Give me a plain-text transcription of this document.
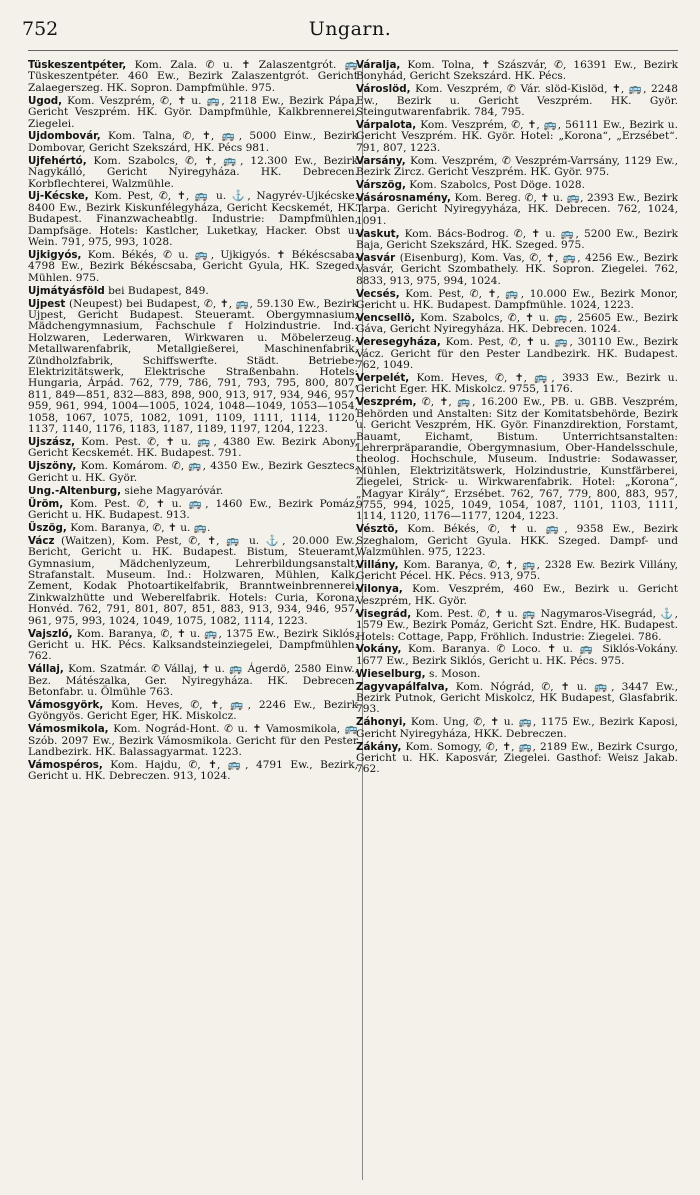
752	Ungarn.

Tüskeszentpéter, Kom. Zala. ✆ u. ✝ Zalaszentgrót. 🚌 Tüskeszentpéter. 460 Ew., Bezirk Zalaszentgrót. Gericht Zalaegerszeg. HK. Sopron. Dampfmühle. 975.

Ugod, Kom. Veszprém, ✆, ✝ u. 🚌, 2118 Ew., Bezirk Pápa, Gericht Veszprém. HK. Györ. Dampfmühle, Kalkbrennerei, Ziegelei.

Ujdombovár, Kom. Talna, ✆, ✝, 🚌, 5000 Einw., Bezirk Dombovar, Gericht Szekszárd, HK. Pécs 981.

Ujfehértó, Kom. Szabolcs, ✆, ✝, 🚌, 12.300 Ew., Bezirk Nagykálló, Gericht Nyiregyháza. HK. Debrecen. Korbflechterei, Walzmühle.

Uj-Kécske, Kom. Pest, ✆, ✝, 🚌 u. ⚓, Nagyrév-Ujkécske. 8400 Ew., Bezirk Kiskunfélegyháza, Gericht Kecskemét, HK. Budapest. Finanzwacheabtlg. Industrie: Dampfmühlen, Dampfsäge. Hotels: Kastlcher, Luketkay, Hacker. Obst u. Wein. 791, 975, 993, 1028.

Ujkigyós, Kom. Békés, ✆ u. 🚌, Ujkigyós. ✝ Békéscsaba. 4798 Ew., Bezirk Békéscsaba, Gericht Gyula, HK. Szeged. Mühlen. 975.

Ujmátyásföld bei Budapest, 849.

Ujpest (Neupest) bei Budapest, ✆, ✝, 🚌, 59.130 Ew., Bezirk Ujpest, Gericht Budapest. Steueramt. Obergymnasium, Mädchengymnasium, Fachschule f Holzindustrie. Ind.: Holzwaren, Lederwaren, Wirkwaren u. Möbelerzeug., Metallwarenfabrik, Metallgießerei, Maschinenfabrik, Zündholzfabrik, Schiffswerfte. Städt. Betriebe: Elektrizitätswerk, Elektrische Straßenbahn. Hotels: Hungaria, Árpád. 762, 779, 786, 791, 793, 795, 800, 807, 811, 849—851, 832—883, 898, 900, 913, 917, 934, 946, 957, 959, 961, 994, 1004—1005, 1024, 1048—1049, 1053—1054, 1058, 1067, 1075, 1082, 1091, 1109, 1111, 1114, 1120, 1137, 1140, 1176, 1183, 1187, 1189, 1197, 1204, 1223.

Ujszász, Kom. Pest. ✆, ✝ u. 🚌, 4380 Ew. Bezirk Abony, Gericht Kecskemét. HK. Budapest. 791.

Ujszöny, Kom. Komárom. ✆, 🚌, 4350 Ew., Bezirk Gesztecs, Gericht u. HK. Györ.

Ung.-Altenburg, siehe Magyaróvár.

Üröm, Kom. Pest. ✆, ✝ u. 🚌, 1460 Ew., Bezirk Pomáz, Gericht u. HK. Budapest. 913.

Üszög, Kom. Baranya, ✆, ✝ u. 🚌.

Vácz (Waitzen), Kom. Pest, ✆, ✝, 🚌 u. ⚓, 20.000 Ew., Bericht, Gericht u. HK. Budapest. Bistum, Steueramt, Gymnasium, Mädchenlyzeum, Lehrerbildungsanstalt, Strafanstalt. Museum. Ind.: Holzwaren, Mühlen, Kalk, Zement, Kodak Photoartikelfabrik, Branntweinbrennerei, Zinkwalzhütte und Weberelfabrik. Hotels: Curia, Korona, Honvéd. 762, 791, 801, 807, 851, 883, 913, 934, 946, 957, 961, 975, 993, 1024, 1049, 1075, 1082, 1114, 1223.

Vajszló, Kom. Baranya, ✆, ✝ u. 🚌, 1375 Ew., Bezirk Siklós, Gericht u. HK. Pécs. Kalksandsteinziegelei, Dampfmühlen. 762.

Vállaj, Kom. Szatmár. ✆ Vállaj, ✝ u. 🚌 Ágerdö, 2580 Einw., Bez. Mátészalka, Ger. Nyiregyháza. HK. Debrecen. Betonfabr. u. Ölmühle 763.

Vámosgyörk, Kom. Heves, ✆, ✝, 🚌, 2246 Ew., Bezirk Gyöngyös. Gericht Eger, HK. Miskolcz.

Vámosmikola, Kom. Nográd-Hont. ✆ u. ✝ Vamosmikola, 🚌 Szób. 2097 Ew., Bezirk Vámosmikola. Gericht für den Pester Landbezirk. HK. Balassagyarmat. 1223.

Vámospéros, Kom. Hajdu, ✆, ✝, 🚌, 4791 Ew., Bezirk, Gericht u. HK. Debreczen. 913, 1024.

Váralja, Kom. Tolna, ✝ Szászvár, ✆, 16391 Ew., Bezirk Bonyhád, Gericht Szekszárd. HK. Pécs.

Városlöd, Kom. Veszprém, ✆ Vár. slöd-Kislöd, ✝, 🚌, 2248 Ew., Bezirk u. Gericht Veszprém. HK. Györ. Steingutwarenfabrik. 784, 795.

Várpalota, Kom. Veszprém, ✆, ✝, 🚌, 56111 Ew., Bezirk u. Gericht Veszprém. HK. Györ. Hotel: „Korona“, „Erzsébet“. 791, 807, 1223.

Varsány, Kom. Veszprém, ✆ Veszprém-Varrsány, 1129 Ew., Bezirk Zircz. Gericht Veszprém. HK. Györ. 975.

Várszög, Kom. Szabolcs, Post Döge. 1028.

Vásárosnamény, Kom. Bereg. ✆, ✝ u. 🚌, 2393 Ew., Bezirk Tarpa. Gericht Nyiregyyháza, HK. Debrecen. 762, 1024, 1091.

Vaskut, Kom. Bács-Bodrog. ✆, ✝ u. 🚌, 5200 Ew., Bezirk Baja, Gericht Szekszárd, HK. Szeged. 975.

Vasvár (Eisenburg), Kom. Vas, ✆, ✝, 🚌, 4256 Ew., Bezirk Vasvár, Gericht Szombathely. HK. Sopron. Ziegelei. 762, 8833, 913, 975, 994, 1024.

Vecsés, Kom. Pest, ✆, ✝, 🚌, 10.000 Ew., Bezirk Monor, Gericht u. HK. Budapest. Dampfmühle. 1024, 1223.

Vencsellö, Kom. Szabolcs, ✆, ✝ u. 🚌, 25605 Ew., Bezirk Gáva, Gericht Nyiregyháza. HK. Debrecen. 1024.

Veresegyháza, Kom. Pest, ✆, ✝ u. 🚌, 30110 Ew., Bezirk Vácz. Gericht für den Pester Landbezirk. HK. Budapest. 762, 1049.

Verpelét, Kom. Heves, ✆, ✝, 🚌, 3933 Ew., Bezirk u. Gericht Eger. HK. Miskolcz. 9755, 1176.

Veszprém, ✆, ✝, 🚌, 16.200 Ew., PB. u. GBB. Veszprém, Behörden und Anstalten: Sitz der Komitatsbehörde, Bezirk u. Gericht Veszprém, HK. Györ. Finanzdirektion, Forstamt, Bauamt, Eichamt, Bistum. Unterrichtsanstalten: Lehrerpräparandie, Obergymnasium, Ober-Handelsschule, theolog. Hochschule, Museum. Industrie: Sodawasser, Mühlen, Elektrizitätswerk, Holzindustrie, Kunstfärberei, Ziegelei, Strick- u. Wirkwarenfabrik. Hotel: „Korona“, „Magyar Király“, Erzsébet. 762, 767, 779, 800, 883, 957, 9755, 994, 1025, 1049, 1054, 1087, 1101, 1103, 1111, 1114, 1120, 1176—1177, 1204, 1223.

Vésztö, Kom. Békés, ✆, ✝ u. 🚌, 9358 Ew., Bezirk Szeghalom, Gericht Gyula. HKK. Szeged. Dampf- und Walzmühlen. 975, 1223.

Villány, Kom. Baranya, ✆, ✝, 🚌, 2328 Ew. Bezirk Villány, Gericht Pécel. HK. Pécs. 913, 975.

Vilonya, Kom. Veszprém, 460 Ew., Bezirk u. Gericht Veszprém, HK. Györ.

Visegrád, Kom. Pest. ✆, ✝ u. 🚌 Nagymaros-Visegrád, ⚓, 1579 Ew., Bezirk Pomáz, Gericht Szt. Endre, HK. Budapest. Hotels: Cottage, Papp, Fröhlich. Industrie: Ziegelei. 786.

Vokány, Kom. Baranya. ✆ Loco. ✝ u. 🚌 Siklós-Vokány. 1677 Ew., Bezirk Siklós, Gericht u. HK. Pécs. 975.

Wieselburg, s. Moson.

Zagyvapálfalva, Kom. Nógrád, ✆, ✝ u. 🚌, 3447 Ew., Bezirk Putnok, Gericht Miskolcz, HK Budapest, Glasfabrik. 793.

Záhonyi, Kom. Ung, ✆, ✝ u. 🚌, 1175 Ew., Bezirk Kaposi, Gericht Nyiregyháza, HKK. Debreczen.

Zákány, Kom. Somogy, ✆, ✝, 🚌, 2189 Ew., Bezirk Csurgo, Gericht u. HK. Kaposvár, Ziegelei. Gasthof: Weisz Jakab. 762.
